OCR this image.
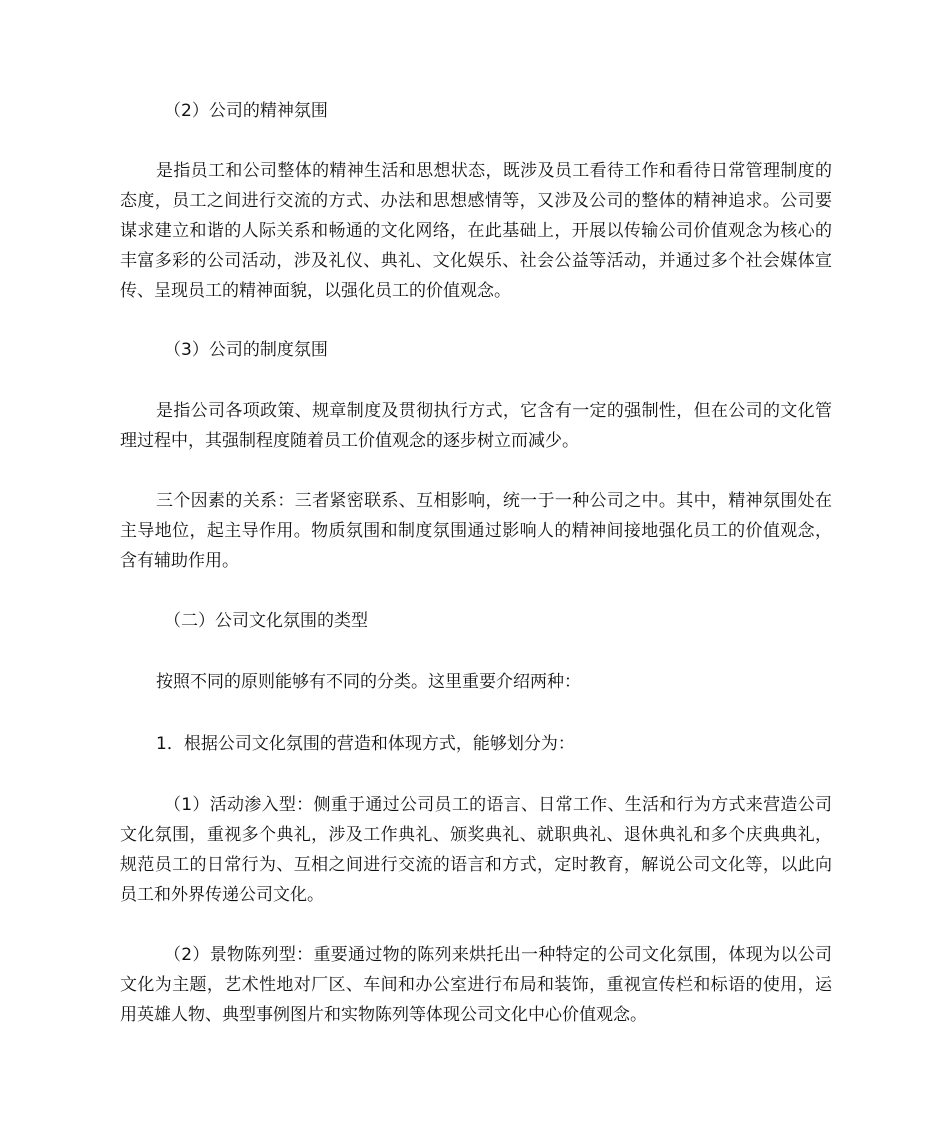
（2）公司的精神氛围

是指员工和公司整体的精神生活和思想状态，既涉及员工看待工作和看待日常管理制度的态度，员工之间进行交流的方式、办法和思想感情等，又涉及公司的整体的精神追求。公司要谋求建立和谐的人际关系和畅通的文化网络，在此基础上，开展以传输公司价值观念为核心的丰富多彩的公司活动，涉及礼仪、典礼、文化娱乐、社会公益等活动，并通过多个社会媒体宣传、呈现员工的精神面貌，以强化员工的价值观念。

（3）公司的制度氛围

是指公司各项政策、规章制度及贯彻执行方式，它含有一定的强制性，但在公司的文化管理过程中，其强制程度随着员工价值观念的逐步树立而减少。

三个因素的关系：三者紧密联系、互相影响，统一于一种公司之中。其中，精神氛围处在主导地位，起主导作用。物质氛围和制度氛围通过影响人的精神间接地强化员工的价值观念，含有辅助作用。

（二）公司文化氛围的类型

按照不同的原则能够有不同的分类。这里重要介绍两种：

1．根据公司文化氛围的营造和体现方式，能够划分为：

（1）活动渗入型：侧重于通过公司员工的语言、日常工作、生活和行为方式来营造公司文化氛围，重视多个典礼，涉及工作典礼、颁奖典礼、就职典礼、退休典礼和多个庆典典礼，规范员工的日常行为、互相之间进行交流的语言和方式，定时教育，解说公司文化等，以此向员工和外界传递公司文化。

（2）景物陈列型：重要通过物的陈列来烘托出一种特定的公司文化氛围，体现为以公司文化为主题，艺术性地对厂区、车间和办公室进行布局和装饰，重视宣传栏和标语的使用，运用英雄人物、典型事例图片和实物陈列等体现公司文化中心价值观念。
